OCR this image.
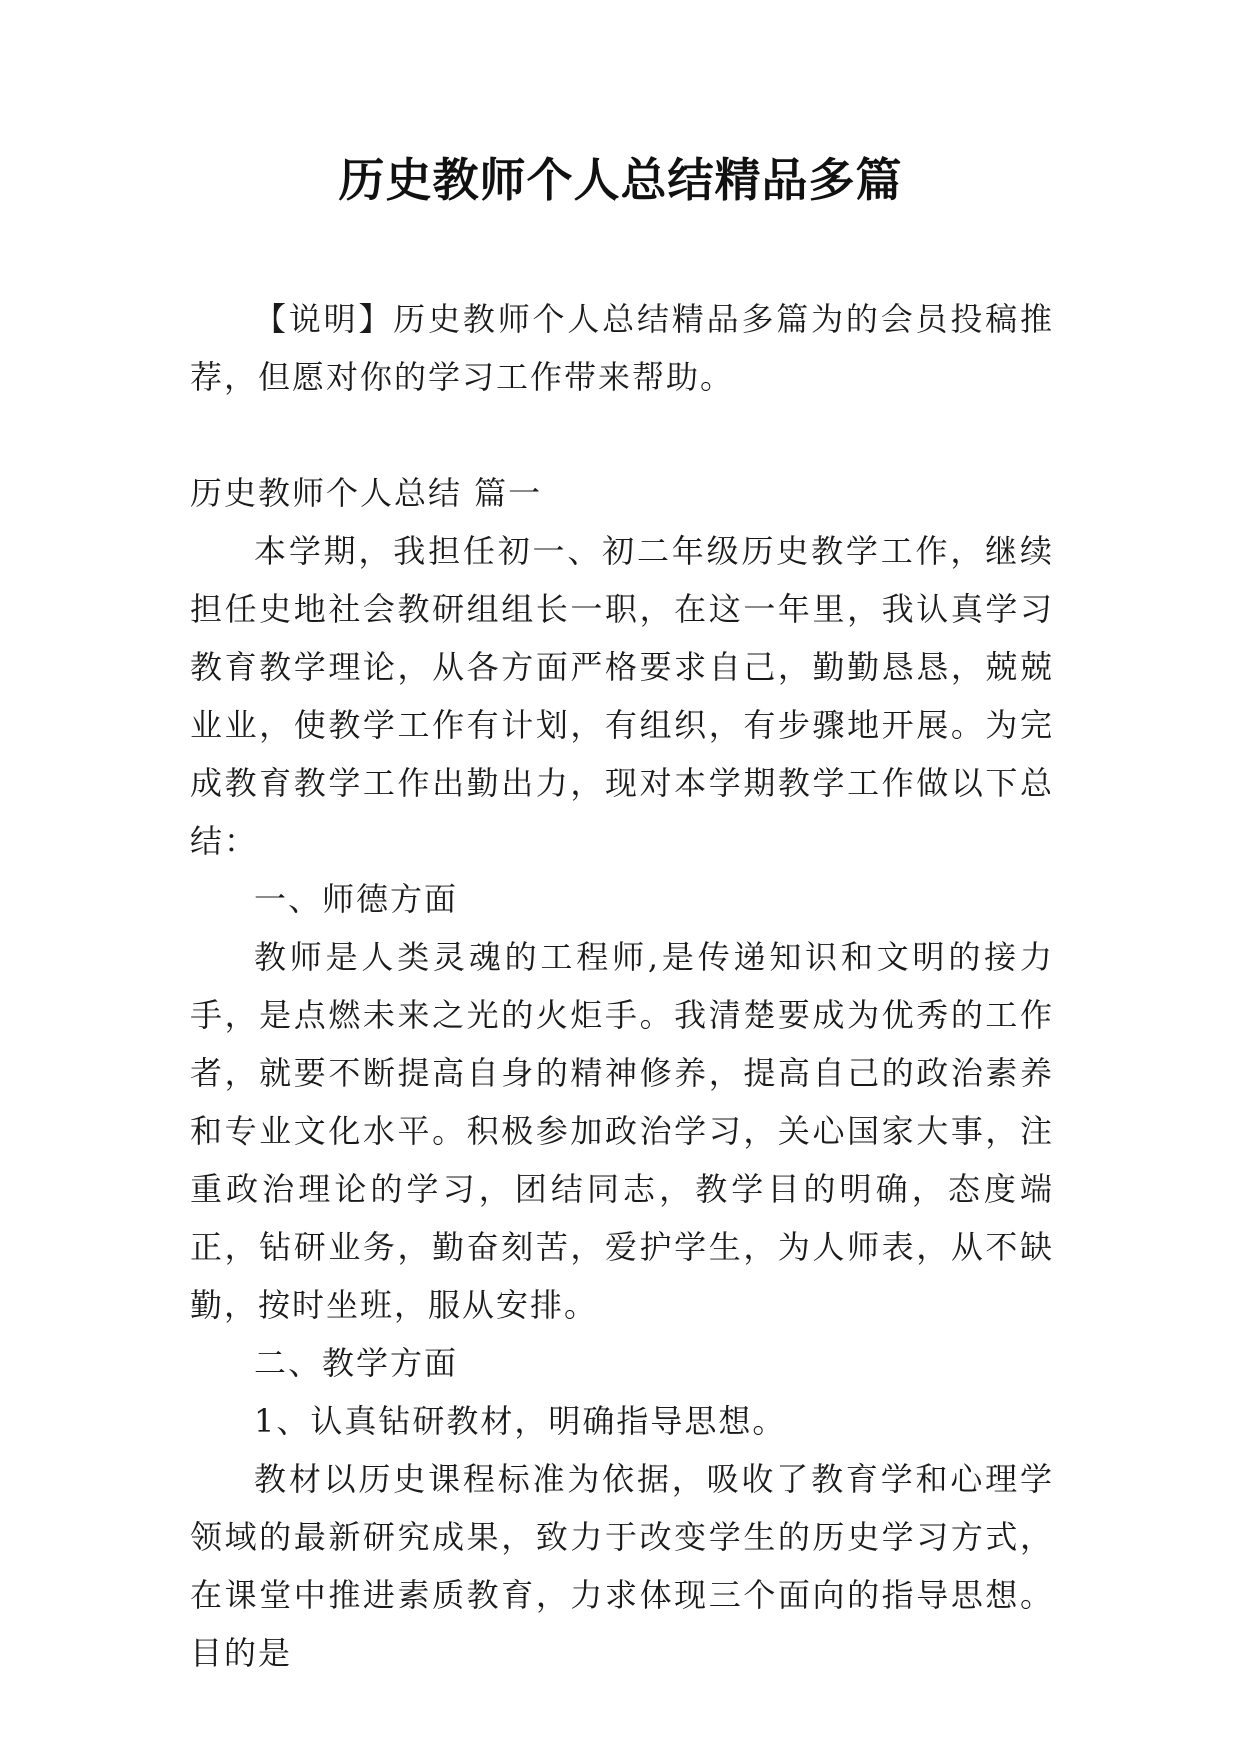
历史教师个人总结精品多篇

【说明】历史教师个人总结精品多篇为的会员投稿推荐，但愿对你的学习工作带来帮助。

历史教师个人总结 篇一

本学期，我担任初一、初二年级历史教学工作，继续担任史地社会教研组组长一职，在这一年里，我认真学习教育教学理论，从各方面严格要求自己，勤勤恳恳，兢兢业业，使教学工作有计划，有组织，有步骤地开展。为完成教育教学工作出勤出力，现对本学期教学工作做以下总结：

一、师德方面

教师是人类灵魂的工程师,是传递知识和文明的接力手，是点燃未来之光的火炬手。我清楚要成为优秀的工作者，就要不断提高自身的精神修养，提高自己的政治素养和专业文化水平。积极参加政治学习，关心国家大事，注重政治理论的学习，团结同志，教学目的明确，态度端正，钻研业务，勤奋刻苦，爱护学生，为人师表，从不缺勤，按时坐班，服从安排。

二、教学方面

1、认真钻研教材，明确指导思想。

教材以历史课程标准为依据，吸收了教育学和心理学领域的最新研究成果，致力于改变学生的历史学习方式，在课堂中推进素质教育，力求体现三个面向的指导思想。目的是
